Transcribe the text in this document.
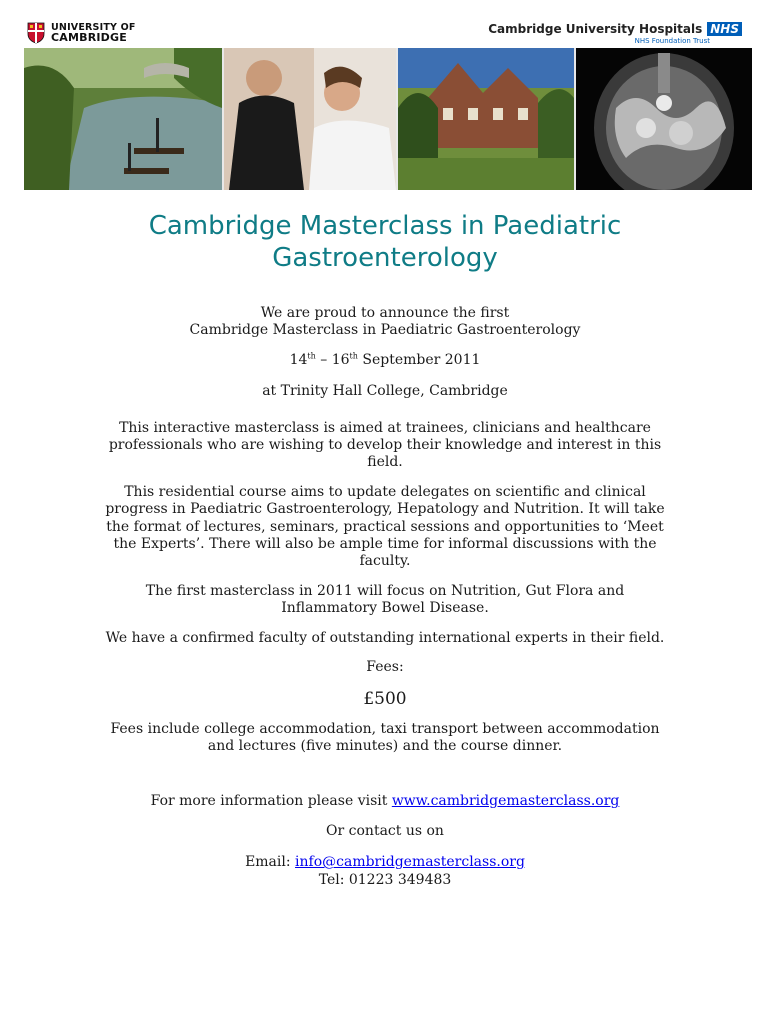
UNIVERSITY OF
CAMBRIDGE
Cambridge University Hospitals NHS
NHS Foundation Trust
Cambridge Masterclass in Paediatric
Gastroenterology

We are proud to announce the first
Cambridge Masterclass in Paediatric Gastroenterology

14th – 16th September 2011

at Trinity Hall College, Cambridge

This interactive masterclass is aimed at trainees, clinicians and healthcare professionals who are wishing to develop their knowledge and interest in this field.

This residential course aims to update delegates on scientific and clinical progress in Paediatric Gastroenterology, Hepatology and Nutrition. It will take the format of lectures, seminars, practical sessions and opportunities to ‘Meet the Experts’. There will also be ample time for informal discussions with the faculty.

The first masterclass in 2011 will focus on Nutrition, Gut Flora and Inflammatory Bowel Disease.

We have a confirmed faculty of outstanding international experts in their field.

Fees:

£500

Fees include college accommodation, taxi transport between accommodation and lectures (five minutes) and the course dinner.

For more information please visit www.cambridgemasterclass.org

Or contact us on

Email: info@cambridgemasterclass.org

Tel: 01223 349483
